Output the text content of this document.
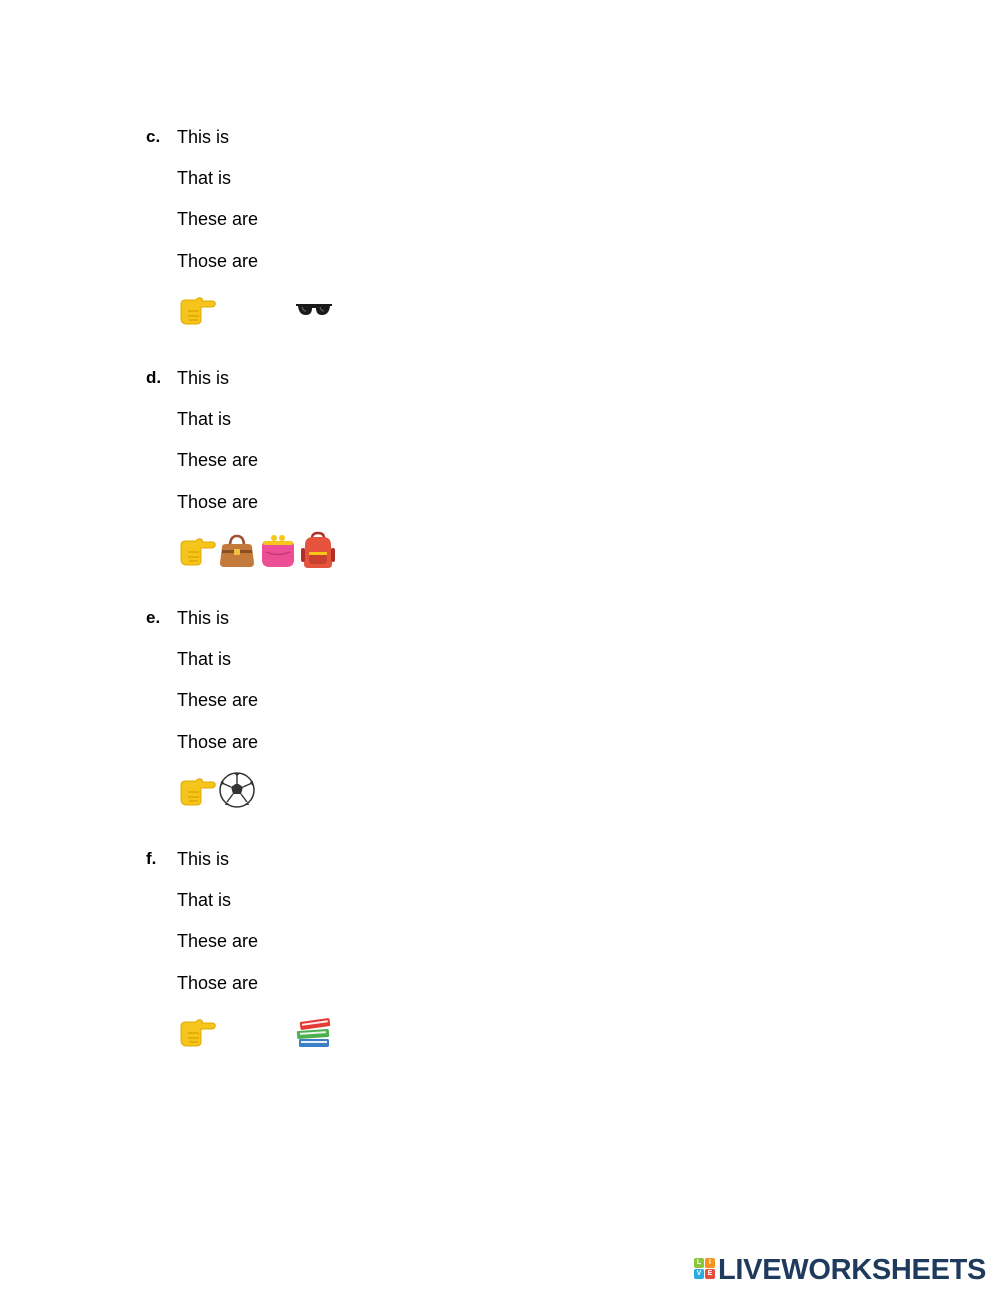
c. This is
That is
These are
Those are
d. This is
That is
These are
Those are
e. This is
That is
These are
Those are
f. This is
That is
These are
Those are
L	I
V E LIVEWORKSHEETS
